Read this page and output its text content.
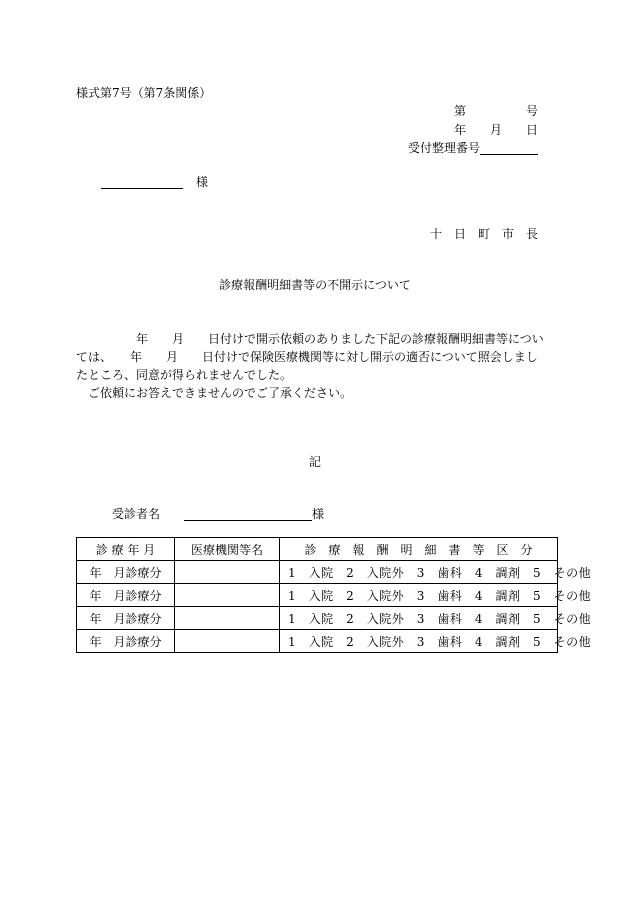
様式第7号（第7条関係）
第　　　　　号
年　　月　　日
受付整理番号
様
十　日　町　市　長
診療報酬明細書等の不開示について
　　　　　年　　月　　日付けで開示依頼のありました下記の診療報酬明細書等につい
ては、　　年　　月　　日付けで保険医療機関等に対し開示の適否について照会しまし
たところ、同意が得られませんでした。
　ご依頼にお答えできませんのでご了承ください。
記
受診者名	様
診 療 年 月	医療機関等名	診　療　報　酬　明　細　書　等　区　分
年　月診療分		1　入院　2　入院外　3　歯科　4　調剤　5　その他
年　月診療分		1　入院　2　入院外　3　歯科　4　調剤　5　その他
年　月診療分		1　入院　2　入院外　3　歯科　4　調剤　5　その他
年　月診療分		1　入院　2　入院外　3　歯科　4　調剤　5　その他
